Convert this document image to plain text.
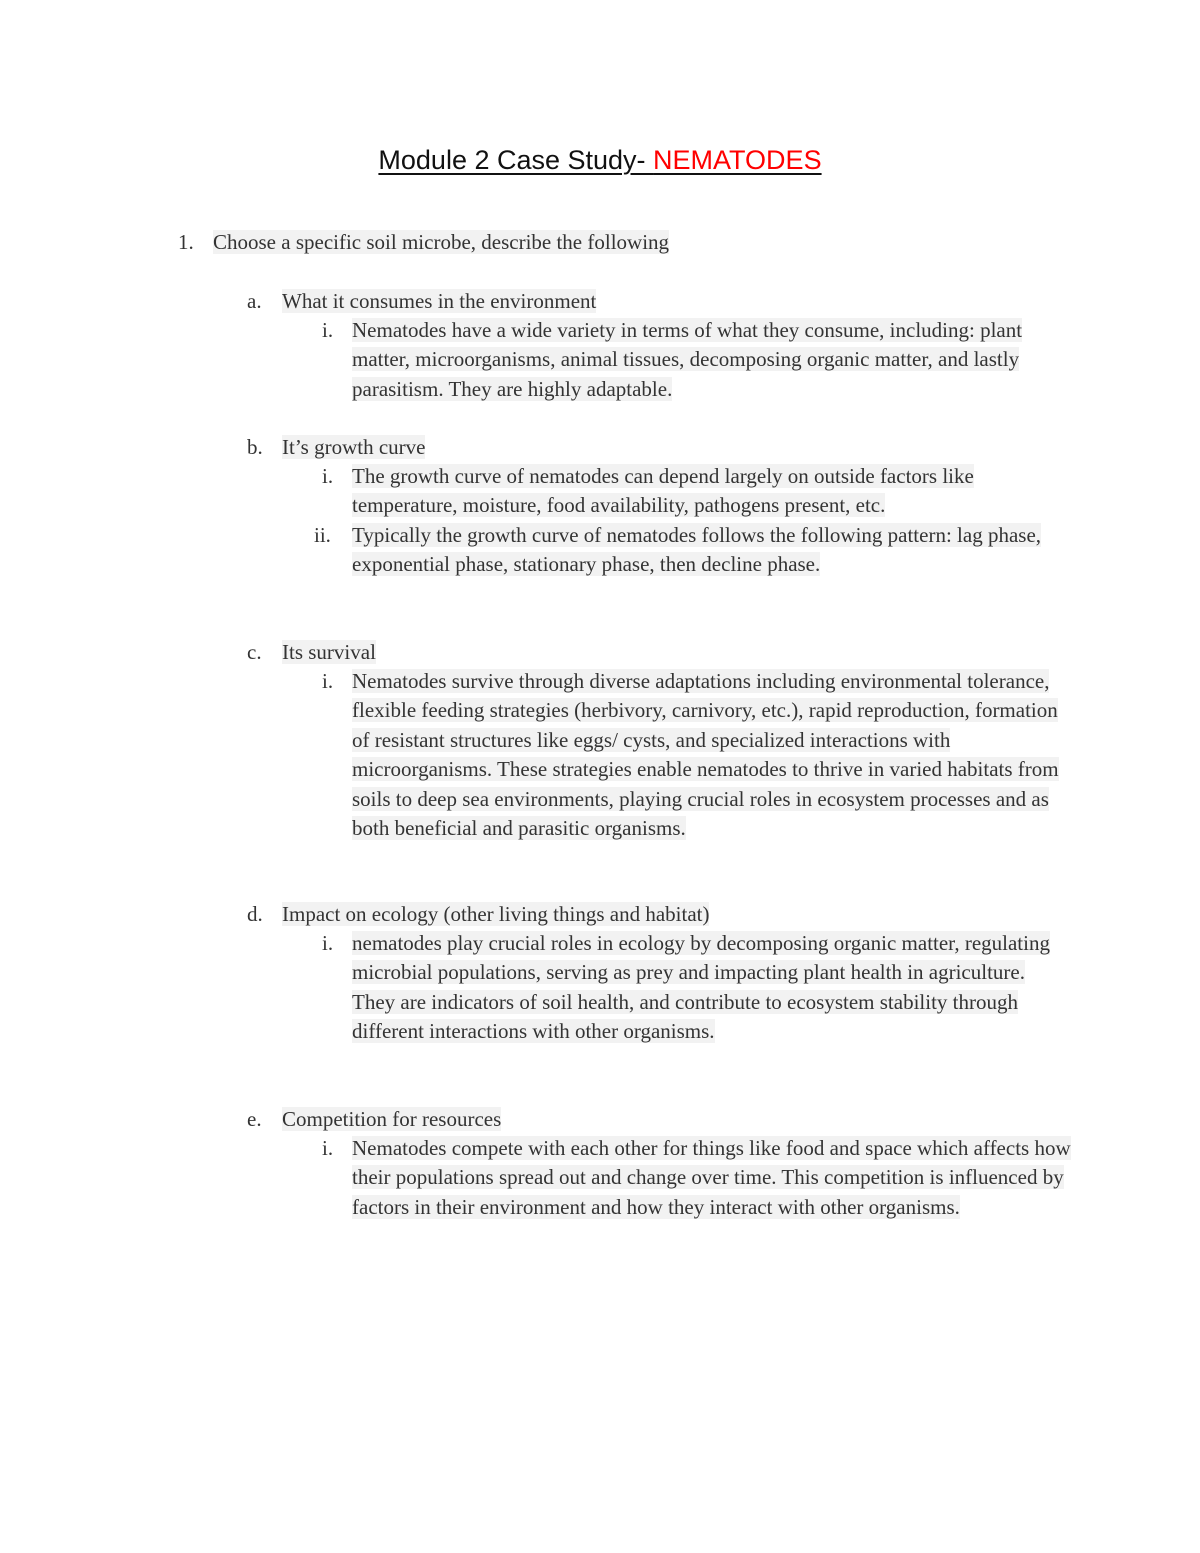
Module 2 Case Study- NEMATODES
1. Choose a specific soil microbe, describe the following
a. What it consumes in the environment
i. Nematodes have a wide variety in terms of what they consume, including: plant matter, microorganisms, animal tissues, decomposing organic matter, and lastly parasitism. They are highly adaptable.
b. It’s growth curve
i. The growth curve of nematodes can depend largely on outside factors like temperature, moisture, food availability, pathogens present, etc.
ii. Typically the growth curve of nematodes follows the following pattern: lag phase, exponential phase, stationary phase, then decline phase.
c. Its survival
i. Nematodes survive through diverse adaptations including environmental tolerance, flexible feeding strategies (herbivory, carnivory, etc.), rapid reproduction, formation of resistant structures like eggs/ cysts, and specialized interactions with microorganisms. These strategies enable nematodes to thrive in varied habitats from soils to deep sea environments, playing crucial roles in ecosystem processes and as both beneficial and parasitic organisms.
d. Impact on ecology (other living things and habitat)
i. nematodes play crucial roles in ecology by decomposing organic matter, regulating microbial populations, serving as prey and impacting plant health in agriculture. They are indicators of soil health, and contribute to ecosystem stability through different interactions with other organisms.
e. Competition for resources
i. Nematodes compete with each other for things like food and space which affects how their populations spread out and change over time. This competition is influenced by factors in their environment and how they interact with other organisms.
